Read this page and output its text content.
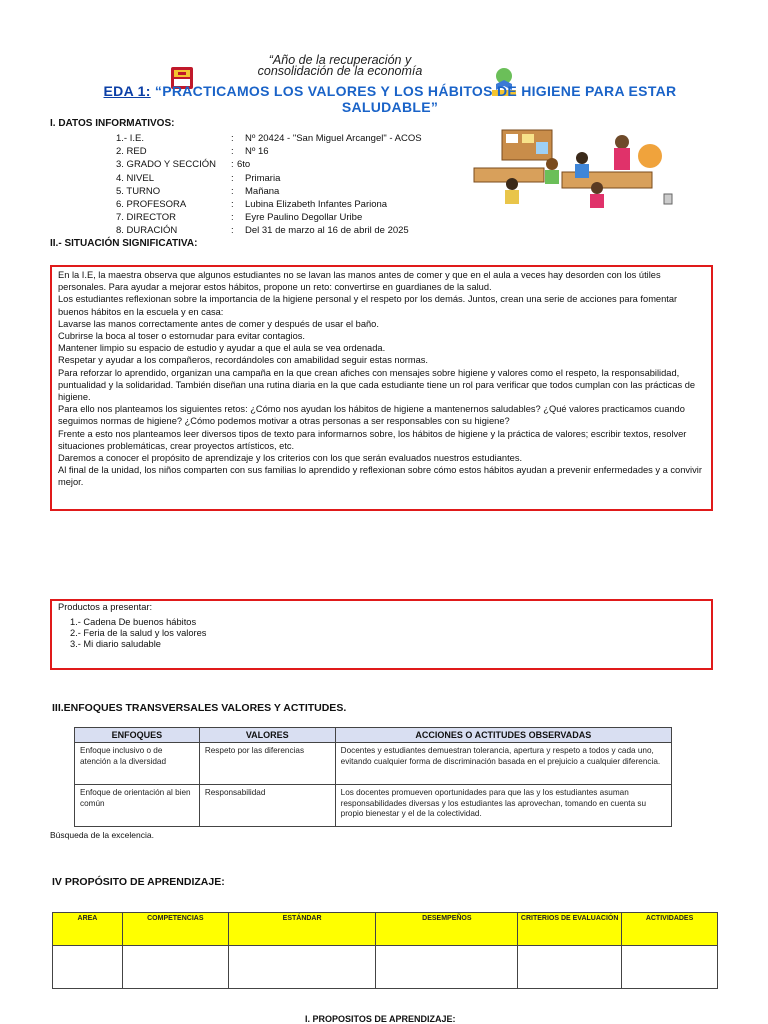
“Año de la recuperación y
consolidación de la economía
EDA 1: “PRACTICAMOS LOS VALORES Y LOS HÁBITOS DE HIGIENE PARA ESTAR
SALUDABLE”
I. DATOS INFORMATIVOS:
1.- I.E.	:	Nº 20424 - "San Miguel Arcangel" - ACOS
2. RED	:	Nº 16
3. GRADO Y SECCIÓN	: 6to
4. NIVEL	:	Primaria
5. TURNO	:	Mañana
6. PROFESORA	:	Lubina Elizabeth Infantes Pariona
7. DIRECTOR	:	Eyre Paulino Degollar Uribe
8. DURACIÓN	:	Del 31 de marzo al 16 de abril de 2025
II.- SITUACIÓN SIGNIFICATIVA:

En la I.E, la maestra observa que algunos estudiantes no se lavan las manos antes de comer y que en el aula a veces hay desorden con los útiles personales. Para ayudar a mejorar estos hábitos, propone un reto: convertirse en guardianes de la salud.

Los estudiantes reflexionan sobre la importancia de la higiene personal y el respeto por los demás. Juntos, crean una serie de acciones para fomentar buenos hábitos en la escuela y en casa:

Lavarse las manos correctamente antes de comer y después de usar el baño.

Cubrirse la boca al toser o estornudar para evitar contagios.

Mantener limpio su espacio de estudio y ayudar a que el aula se vea ordenada.

Respetar y ayudar a los compañeros, recordándoles con amabilidad seguir estas normas.

Para reforzar lo aprendido, organizan una campaña en la que crean afiches con mensajes sobre higiene y valores como el respeto, la responsabilidad, puntualidad y la solidaridad. También diseñan una rutina diaria en la que cada estudiante tiene un rol para verificar que todos cumplan con las prácticas de higiene.

Para ello nos planteamos los siguientes retos: ¿Cómo nos ayudan los hábitos de higiene a mantenernos saludables? ¿Qué valores practicamos cuando seguimos normas de higiene? ¿Cómo podemos motivar a otras personas a ser responsables con su higiene?

Frente a esto nos planteamos leer diversos tipos de texto para informarnos sobre, los hábitos de higiene y la práctica de valores; escribir textos, resolver situaciones problemáticas, crear proyectos artísticos, etc.

Daremos a conocer el propósito de aprendizaje y los criterios con los que serán evaluados nuestros estudiantes.

Al final de la unidad, los niños comparten con sus familias lo aprendido y reflexionan sobre cómo estos hábitos ayudan a prevenir enfermedades y a convivir mejor.

Productos a presentar:
1.- Cadena De buenos hábitos
2.- Feria de la salud y los valores
3.- Mi diario saludable
III.ENFOQUES TRANSVERSALES VALORES Y ACTITUDES.
ENFOQUES	VALORES	ACCIONES O ACTITUDES OBSERVADAS
Enfoque inclusivo o de atención a la diversidad	Respeto por las diferencias	Docentes y estudiantes demuestran tolerancia, apertura y respeto a todos y cada uno, evitando cualquier forma de discriminación basada en el prejuicio a cualquier diferencia.
Enfoque de orientación al bien común	Responsabilidad	Los docentes promueven oportunidades para que las y los estudiantes asuman responsabilidades diversas y los estudiantes las aprovechan, tomando en cuenta su propio bienestar y el de la colectividad.
Búsqueda de la excelencia.
IV PROPÓSITO DE APRENDIZAJE:
AREA	COMPETENCIAS	ESTÁNDAR	DESEMPEÑOS	CRITERIOS DE EVALUACIÓN	ACTIVIDADES

I. PROPOSITOS DE APRENDIZAJE:
